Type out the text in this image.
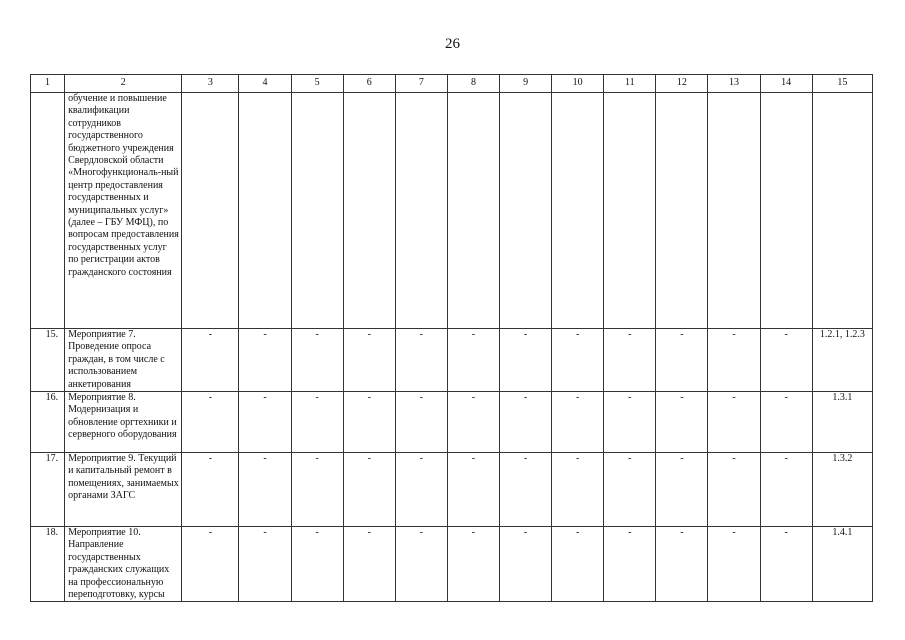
26
1	2	3	4	5	6	7	8	9	10	11	12	13	14	15
	обучение и повышение квалификации сотрудников государственного бюджетного учреждения Свердловской области «Многофункциональ-ный центр предоставления государственных и муниципальных услуг» (далее – ГБУ МФЦ), по вопросам предоставления государственных услуг по регистрации актов гражданского состояния													
15.	Мероприятие 7. Проведение опроса граждан, в том числе с использованием анкетирования	-	-	-	-	-	-	-	-	-	-	-	-	1.2.1, 1.2.3
16.	Мероприятие 8. Модернизация и обновление оргтехники и серверного оборудования	-	-	-	-	-	-	-	-	-	-	-	-	1.3.1
17.	Мероприятие 9. Текущий и капитальный ремонт в помещениях, занимаемых органами ЗАГС	-	-	-	-	-	-	-	-	-	-	-	-	1.3.2
18.	Мероприятие 10. Направление государственных гражданских служащих на профессиональную переподготовку, курсы	-	-	-	-	-	-	-	-	-	-	-	-	1.4.1
